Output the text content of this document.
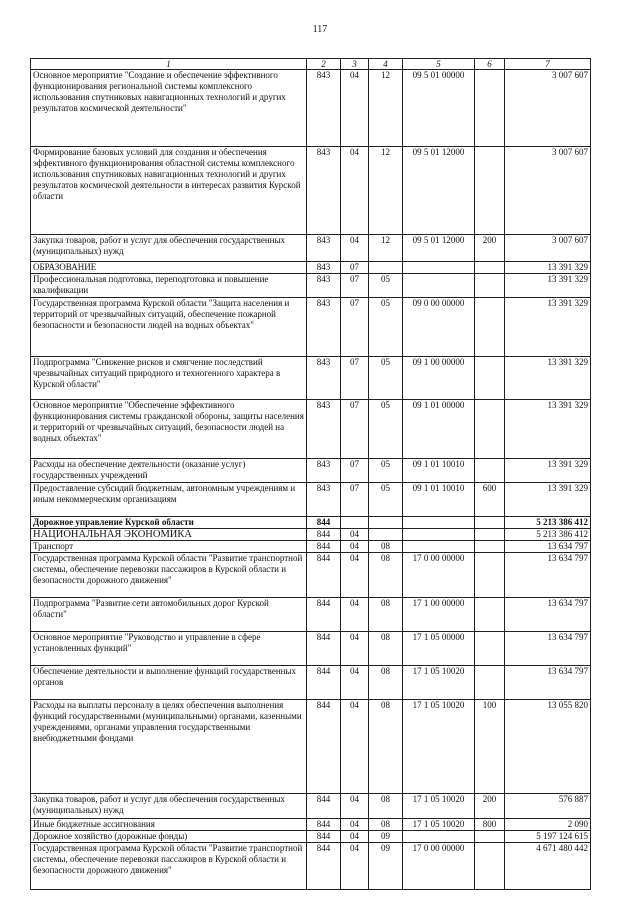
117
1	2	3	4	5	6	7
Основное мероприятие "Создание и обеспечение эффективного функционирования региональной системы комплексного использования спутниковых навигационных технологий и других результатов космической деятельности"	843	04	12	09 5 01 00000		3 007 607
Формирование базовых условий для создания и обеспечения эффективного функционирования областной системы комплексного использования спутниковых навигационных технологий и других результатов космической деятельности в интересах развития Курской области	843	04	12	09 5 01 12000		3 007 607
Закупка товаров, работ и услуг для обеспечения государственных (муниципальных) нужд	843	04	12	09 5 01 12000	200	3 007 607
ОБРАЗОВАНИЕ	843	07				13 391 329
Профессиональная подготовка, переподготовка и повышение квалификации	843	07	05			13 391 329
Государственная программа Курской области "Защита населения и территорий от чрезвычайных ситуаций, обеспечение пожарной безопасности и безопасности людей на водных объектах"	843	07	05	09 0 00 00000		13 391 329
Подпрограмма "Снижение рисков и смягчение последствий чрезвычайных ситуаций природного и техногенного характера в Курской области"	843	07	05	09 1 00 00000		13 391 329
Основное мероприятие "Обеспечение эффективного функционирования системы гражданской обороны, защиты населения и территорий от чрезвычайных ситуаций, безопасности людей на водных объектах"	843	07	05	09 1 01 00000		13 391 329
Расходы на обеспечение деятельности (оказание услуг) государственных учреждений	843	07	05	09 1 01 10010		13 391 329
Предоставление субсидий бюджетным, автономным учреждениям и иным некоммерческим организациям	843	07	05	09 1 01 10010	600	13 391 329
Дорожное управление Курской области	844					5 213 386 412
НАЦИОНАЛЬНАЯ ЭКОНОМИКА	844	04				5 213 386 412
Транспорт	844	04	08			13 634 797
Государственная программа Курской области "Развитие транспортной системы, обеспечение перевозки пассажиров в Курской области и безопасности дорожного движения"	844	04	08	17 0 00 00000		13 634 797
Подпрограмма "Развитие сети автомобильных дорог Курской области"	844	04	08	17 1 00 00000		13 634 797
Основное мероприятие "Руководство и управление в сфере установленных функций"	844	04	08	17 1 05 00000		13 634 797
Обеспечение деятельности и выполнение функций государственных органов	844	04	08	17 1 05 10020		13 634 797
Расходы на выплаты персоналу в целях обеспечения выполнения функций государственными (муниципальными) органами, казенными учреждениями, органами управления государственными внебюджетными фондами	844	04	08	17 1 05 10020	100	13 055 820
Закупка товаров, работ и услуг для обеспечения государственных (муниципальных) нужд	844	04	08	17 1 05 10020	200	576 887
Иные бюджетные ассигнования	844	04	08	17 1 05 10020	800	2 090
Дорожное хозяйство (дорожные фонды)	844	04	09			5 197 124 615
Государственная программа Курской области "Развитие транспортной системы, обеспечение перевозки пассажиров в Курской области и безопасности дорожного движения"	844	04	09	17 0 00 00000		4 671 480 442
